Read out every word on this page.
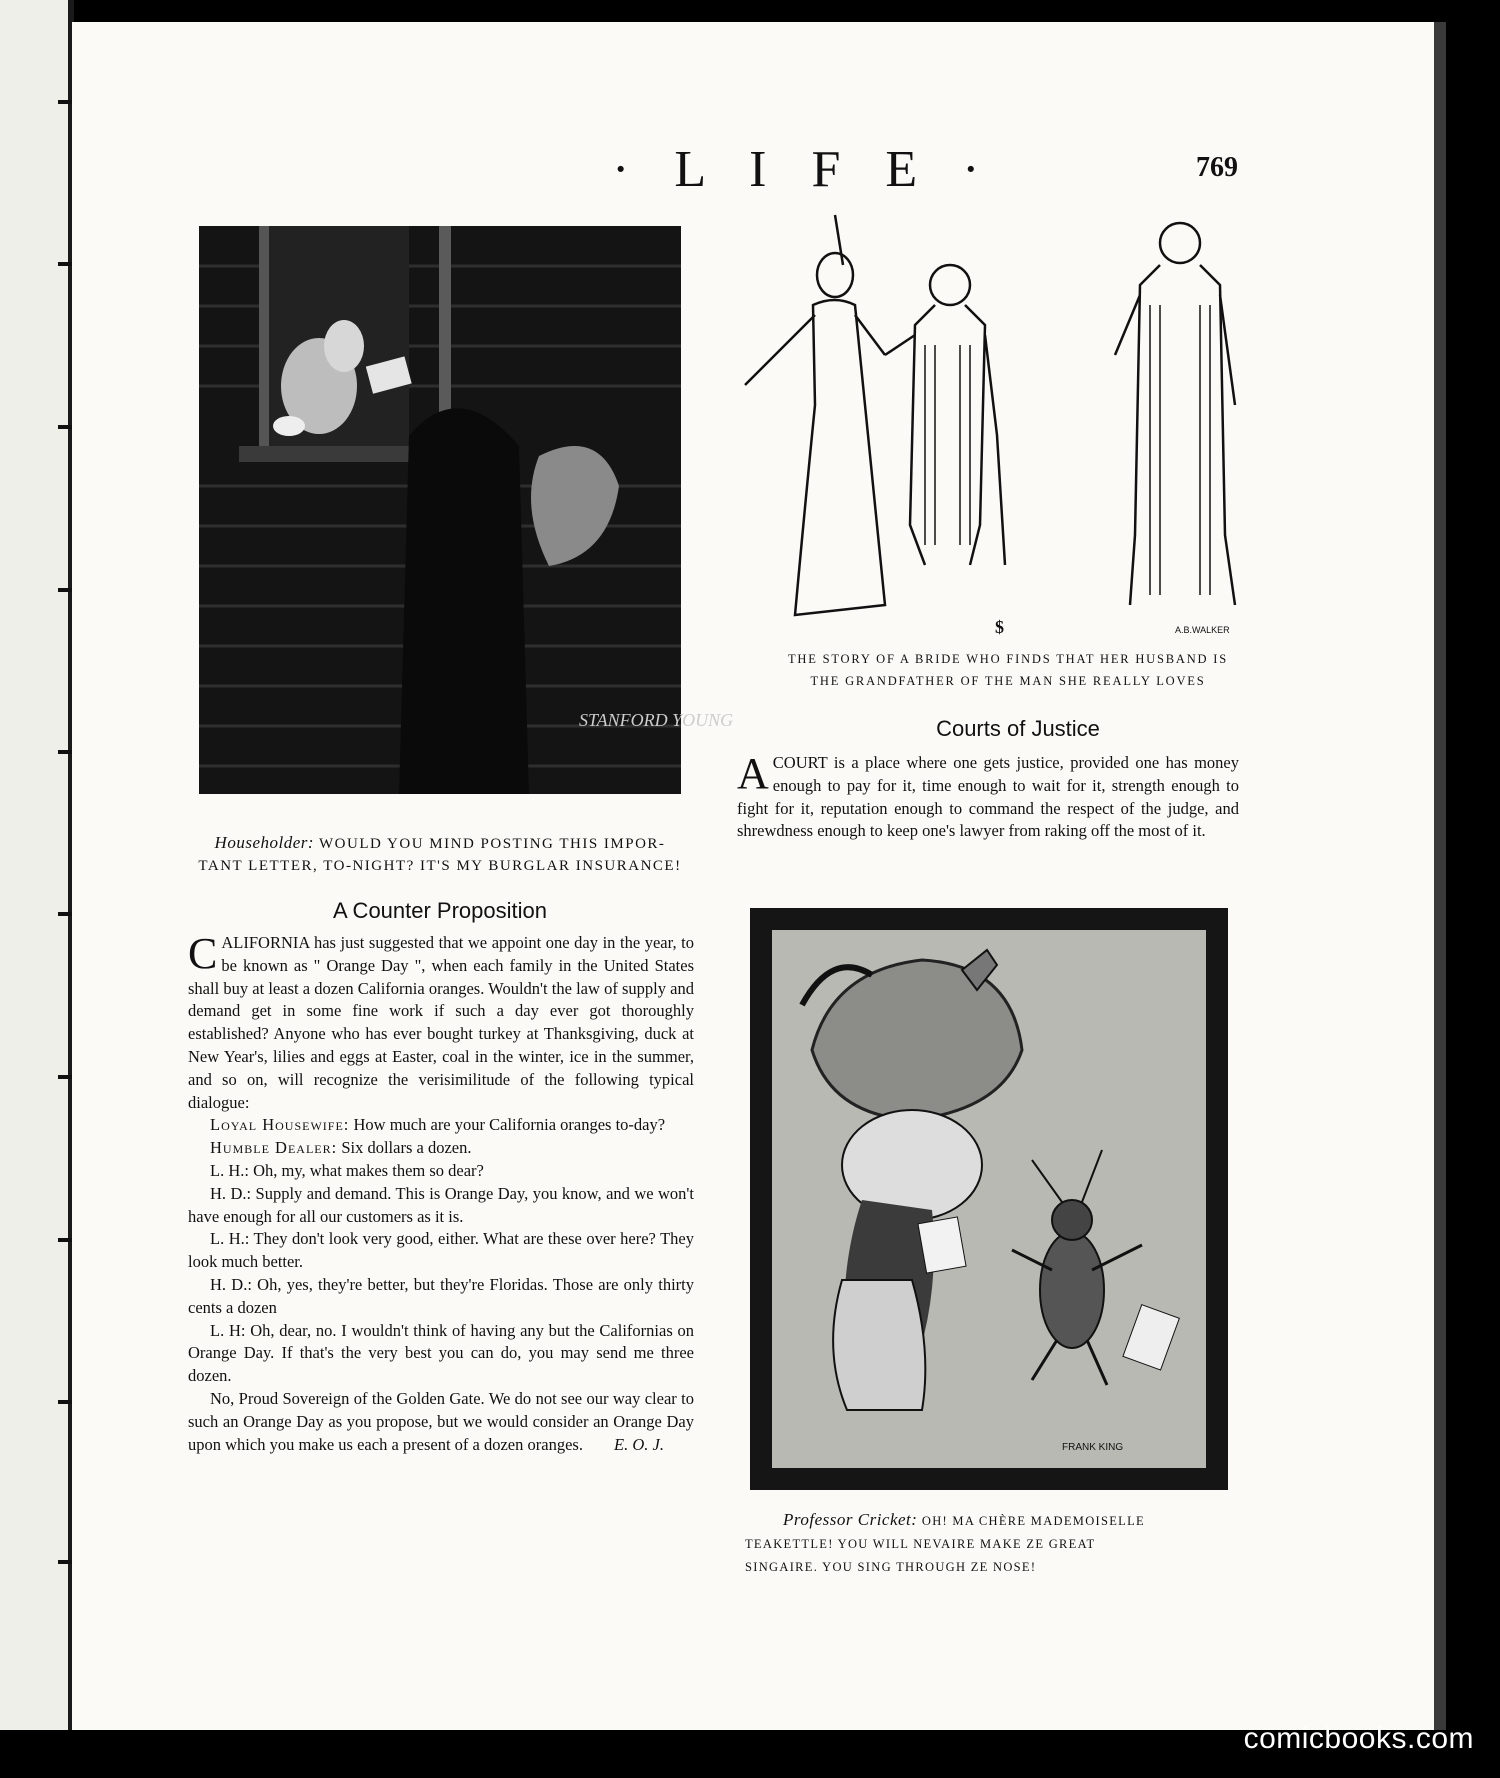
· L I F E ·	769
STANFORD YOUNG
Householder: WOULD YOU MIND POSTING THIS IMPOR-
TANT LETTER, TO-NIGHT? IT'S MY BURGLAR INSURANCE!
$	A.B.WALKER
THE STORY OF A BRIDE WHO FINDS THAT HER HUSBAND IS
THE GRANDFATHER OF THE MAN SHE REALLY LOVES
Courts of Justice

ACOURT is a place where one gets justice, provided one has money enough to pay for it, time enough to wait for it, strength enough to fight for it, reputation enough to command the respect of the judge, and shrewdness enough to keep one's lawyer from raking off the most of it.

FRANK KING
Professor Cricket: OH! MA CHÈRE MADEMOISELLE
TEAKETTLE! YOU WILL NEVAIRE MAKE ZE GREAT
SINGAIRE. YOU SING THROUGH ZE NOSE!
A Counter Proposition

CALIFORNIA has just suggested that we appoint one day in the year, to be known as " Orange Day ", when each family in the United States shall buy at least a dozen California oranges. Wouldn't the law of supply and demand get in some fine work if such a day ever got thoroughly established? Anyone who has ever bought turkey at Thanksgiving, duck at New Year's, lilies and eggs at Easter, coal in the winter, ice in the summer, and so on, will recognize the verisimilitude of the following typical dialogue:

Loyal Housewife: How much are your California oranges to-day?

Humble Dealer: Six dollars a dozen.

L. H.: Oh, my, what makes them so dear?

H. D.: Supply and demand. This is Orange Day, you know, and we won't have enough for all our customers as it is.

L. H.: They don't look very good, either. What are these over here? They look much better.

H. D.: Oh, yes, they're better, but they're Floridas. Those are only thirty cents a dozen

L. H: Oh, dear, no. I wouldn't think of having any but the Californias on Orange Day. If that's the very best you can do, you may send me three dozen.

No, Proud Sovereign of the Golden Gate. We do not see our way clear to such an Orange Day as you propose, but we would consider an Orange Day upon which you make us each a present of a dozen oranges.	E. O. J.

comicbooks.com
